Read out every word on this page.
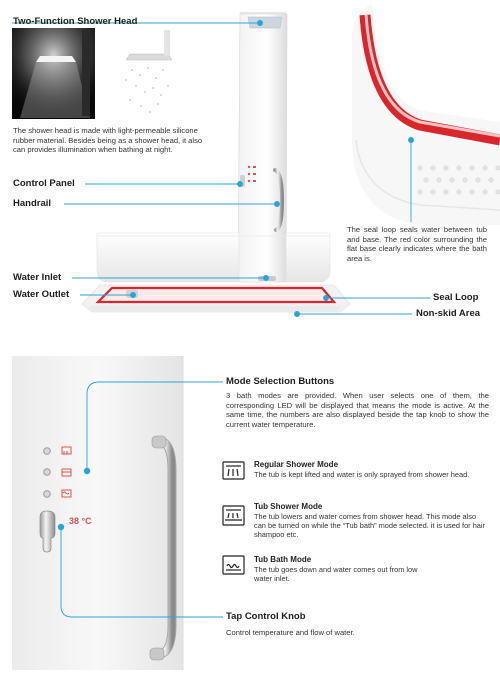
Two-Function Shower Head
The shower head is made with light-permeable silicone rubber material. Besides being as a shower head, it also can provides illumination when bathing at night.
Control Panel
Handrail
Water Inlet
Water Outlet	Seal Loop
Non-skid Area
The seal loop seals water between tub and base. The red color surrounding the flat base clearly indicates where the bath area is.
Mode Selection Buttons
3 bath modes are provided. When user selects one of them, the corresponding LED will be displayed that means the mode is active. At the same time, the numbers are also displayed beside the tap knob to show the current water temperature.
38 °C
Regular Shower Mode
The tub is kept lifted and water is only sprayed from shower head.
Tub Shower Mode
The tub lowers and water comes from shower head. This mode also can be turned on while the “Tub bath” mode selected. it is used for hair shampoo etc.
Tub Bath Mode
The tub goes down and water comes out from low water inlet.
Tap Control Knob
Control temperature and flow of water.
